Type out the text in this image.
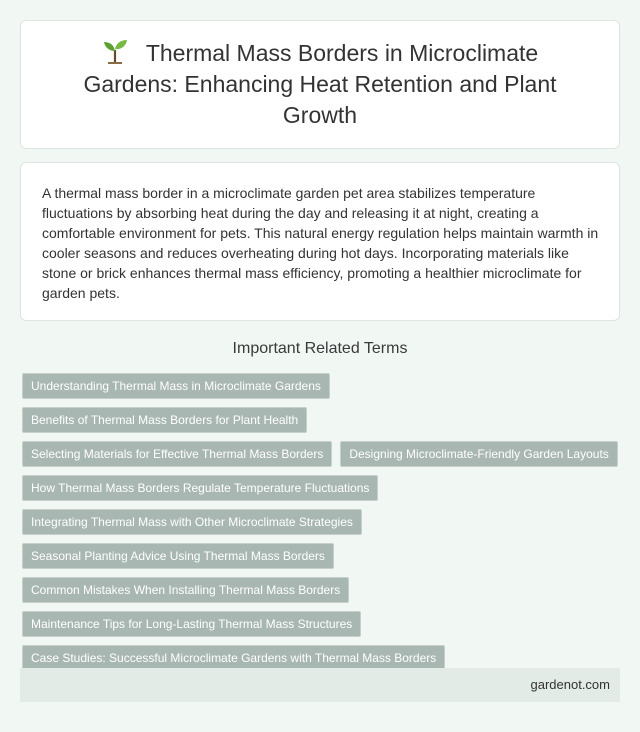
Thermal Mass Borders in Microclimate Gardens: Enhancing Heat Retention and Plant Growth

A thermal mass border in a microclimate garden pet area stabilizes temperature fluctuations by absorbing heat during the day and releasing it at night, creating a comfortable environment for pets. This natural energy regulation helps maintain warmth in cooler seasons and reduces overheating during hot days. Incorporating materials like stone or brick enhances thermal mass efficiency, promoting a healthier microclimate for garden pets.

Important Related Terms
Understanding Thermal Mass in Microclimate Gardens
Benefits of Thermal Mass Borders for Plant Health
Selecting Materials for Effective Thermal Mass Borders	Designing Microclimate-Friendly Garden Layouts
How Thermal Mass Borders Regulate Temperature Fluctuations
Integrating Thermal Mass with Other Microclimate Strategies
Seasonal Planting Advice Using Thermal Mass Borders
Common Mistakes When Installing Thermal Mass Borders
Maintenance Tips for Long-Lasting Thermal Mass Structures
Case Studies: Successful Microclimate Gardens with Thermal Mass Borders
gardenot.com
